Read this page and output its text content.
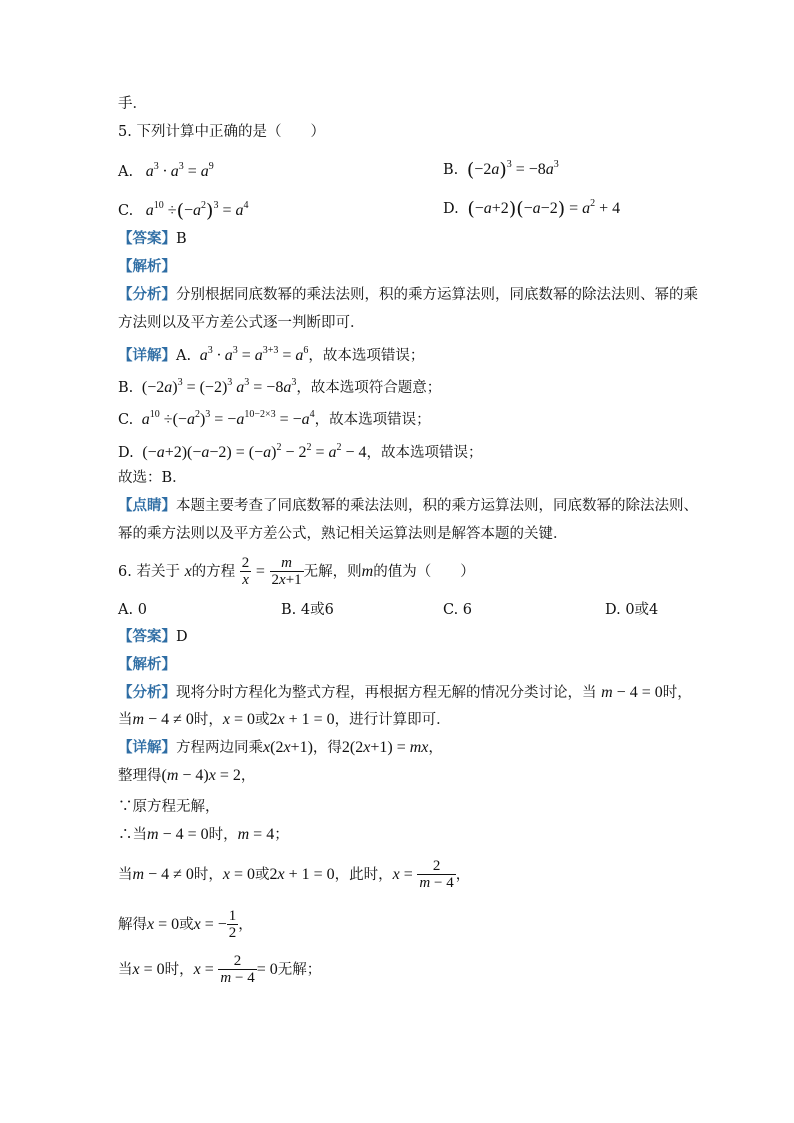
手．
5. 下列计算中正确的是（　　）
A.   $a^3 \cdot a^3 = a^9$	B. $(-2a)^3 = -8a^3$
C.   $a^{10} \div(-a^2)^3 = a^4$	D. $(-a+2)(-a-2) = a^2 + 4$
【答案】B
【解析】
【分析】分别根据同底数幂的乘法法则，积的乘方运算法则，同底数幂的除法法则、幂的乘
方法则以及平方差公式逐一判断即可．
【详解】A.  $a^3 \cdot a^3 = a^{3+3} = a^6$，故本选项错误；
B. $(-2a)^3 = (-2)^3$ $a^3 = -8a^3$，故本选项符合题意；
C.  $a^{10} \div(-a^2)^3 = -a^{10-2\times 3} = -a^4$，故本选项错误；
D. $(-a+2)(-a-2) = (-a)^2 - 2^2 = a^2 - 4$，故本选项错误；
故选：B．
【点睛】本题主要考查了同底数幂的乘法法则，积的乘方运算法则，同底数幂的除法法则、
幂的乘方法则以及平方差公式，熟记相关运算法则是解答本题的关键．
6. 若关于 x的方程 $\frac{2}{x} = \frac{m}{2x+1}$ 无解，则m的值为（　　）
A. 0	B. 4或6	C. 6	D. 0或4
【答案】D
【解析】
【分析】现将分时方程化为整式方程，再根据方程无解的情况分类讨论，当 m − 4 = 0时，
当m − 4 ≠ 0时，x = 0或2x + 1 = 0，进行计算即可．
【详解】方程两边同乘x(2x+1)，得2(2x+1) = mx，
整理得(m − 4)x = 2，
∵原方程无解，
∴当m − 4 = 0时，m = 4；
当m − 4 ≠ 0时，x = 0或2x + 1 = 0，此时，$x = \frac{2}{m - 4}$ ，
解得x = 0或x = − $\frac{1}{2}$ ，
当x = 0时，$x = \frac{2}{m - 4} = 0$无解；
